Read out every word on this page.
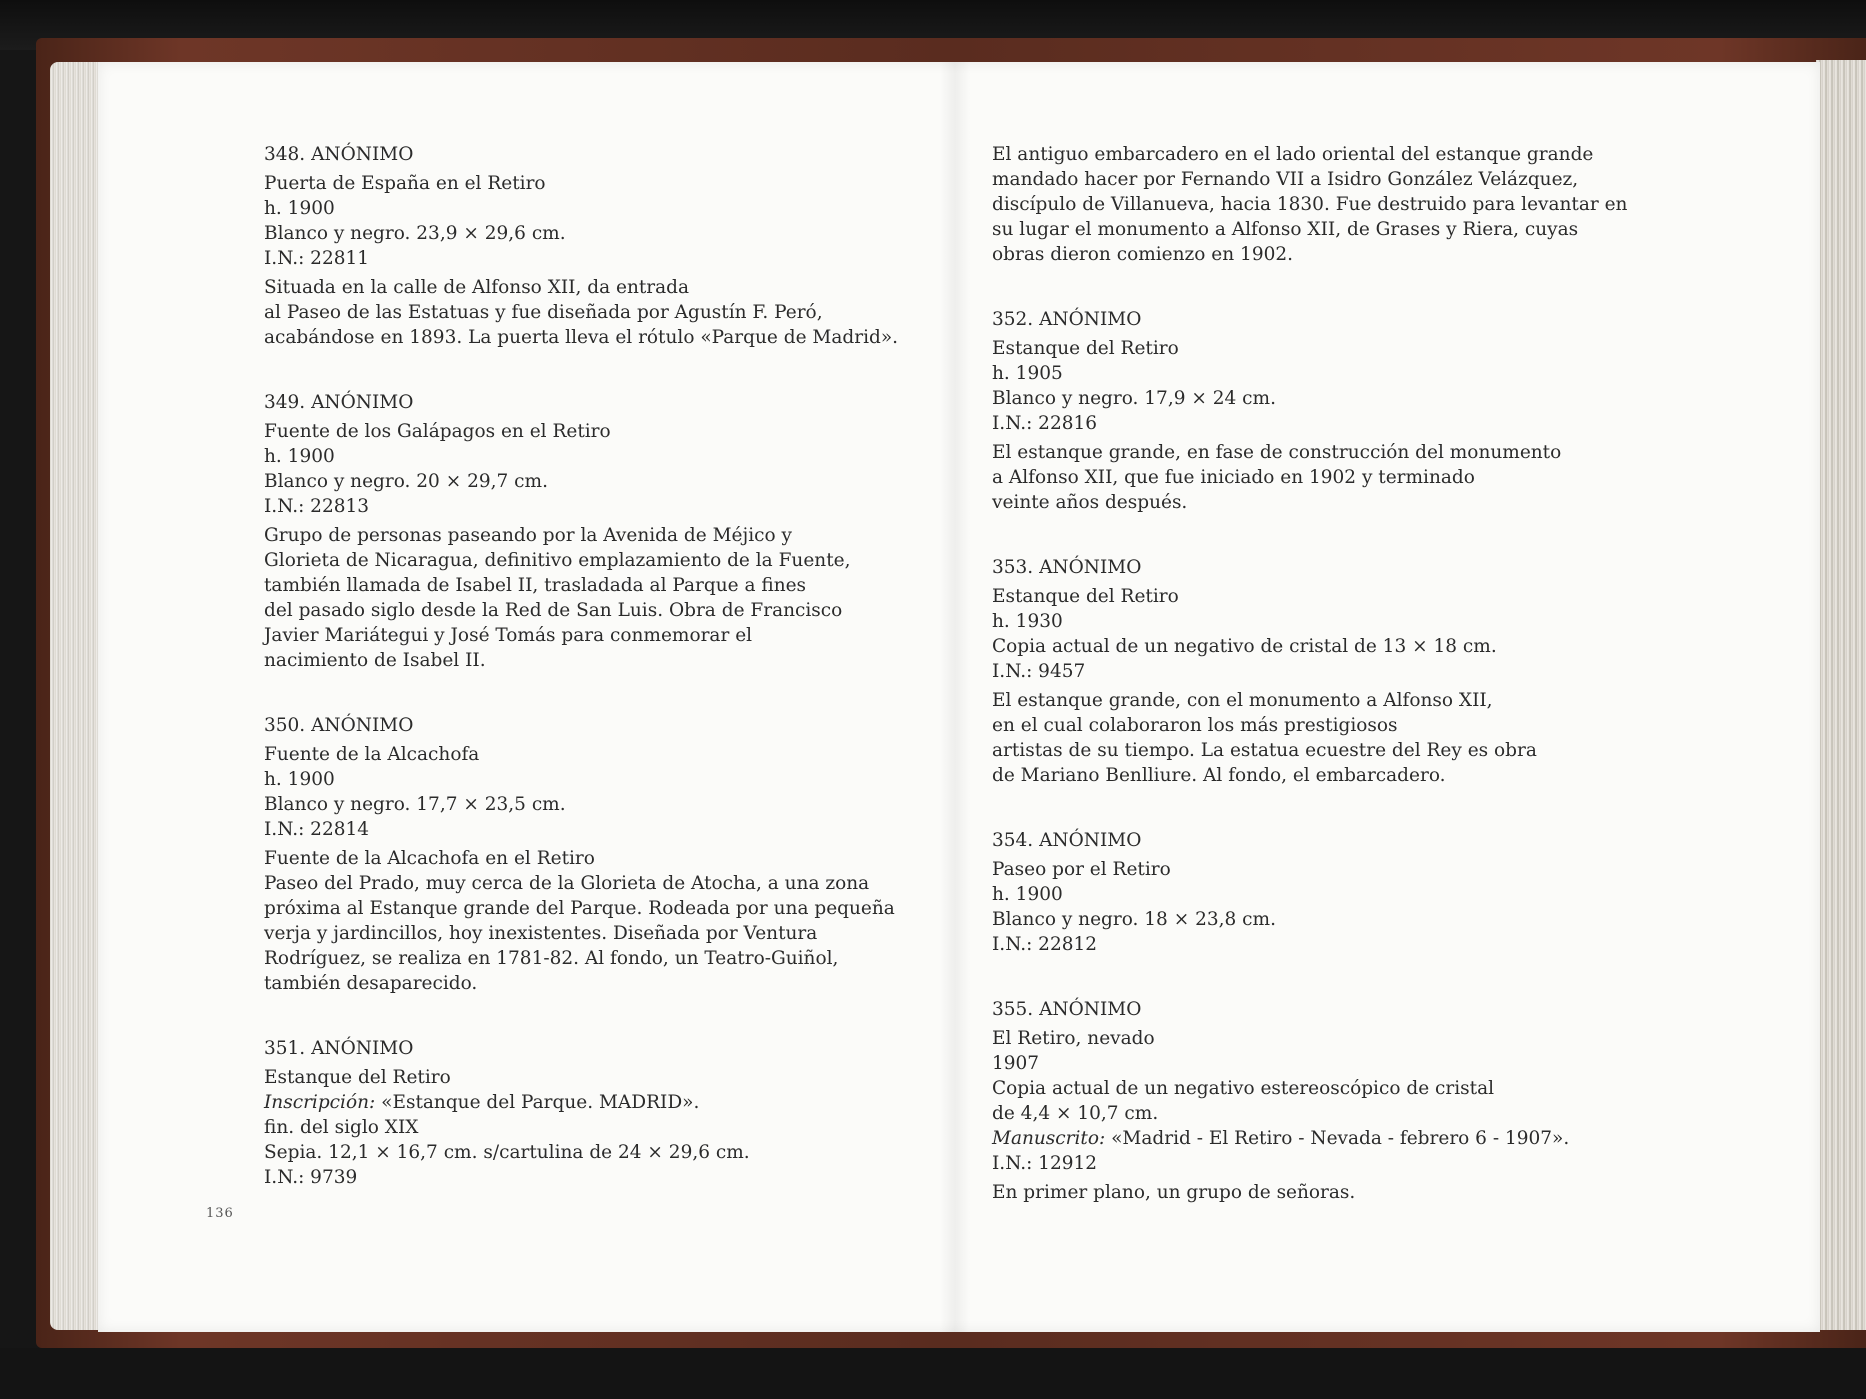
348. ANÓNIMO
Puerta de España en el Retiro
h. 1900
Blanco y negro. 23,9 × 29,6 cm.
I.N.: 22811
Situada en la calle de Alfonso XII, da entrada
al Paseo de las Estatuas y fue diseñada por Agustín F. Peró,
acabándose en 1893. La puerta lleva el rótulo «Parque de Madrid».
349. ANÓNIMO
Fuente de los Galápagos en el Retiro
h. 1900
Blanco y negro. 20 × 29,7 cm.
I.N.: 22813
Grupo de personas paseando por la Avenida de Méjico y
Glorieta de Nicaragua, definitivo emplazamiento de la Fuente,
también llamada de Isabel II, trasladada al Parque a fines
del pasado siglo desde la Red de San Luis. Obra de Francisco
Javier Mariátegui y José Tomás para conmemorar el
nacimiento de Isabel II.
350. ANÓNIMO
Fuente de la Alcachofa
h. 1900
Blanco y negro. 17,7 × 23,5 cm.
I.N.: 22814
Fuente de la Alcachofa en el Retiro
Paseo del Prado, muy cerca de la Glorieta de Atocha, a una zona
próxima al Estanque grande del Parque. Rodeada por una pequeña
verja y jardincillos, hoy inexistentes. Diseñada por Ventura
Rodríguez, se realiza en 1781-82. Al fondo, un Teatro-Guiñol,
también desaparecido.
351. ANÓNIMO
Estanque del Retiro
Inscripción: «Estanque del Parque. MADRID».
fin. del siglo XIX
Sepia. 12,1 × 16,7 cm. s/cartulina de 24 × 29,6 cm.
I.N.: 9739
136
El antiguo embarcadero en el lado oriental del estanque grande
mandado hacer por Fernando VII a Isidro González Velázquez,
discípulo de Villanueva, hacia 1830. Fue destruido para levantar en
su lugar el monumento a Alfonso XII, de Grases y Riera, cuyas
obras dieron comienzo en 1902.
352. ANÓNIMO
Estanque del Retiro
h. 1905
Blanco y negro. 17,9 × 24 cm.
I.N.: 22816
El estanque grande, en fase de construcción del monumento
a Alfonso XII, que fue iniciado en 1902 y terminado
veinte años después.
353. ANÓNIMO
Estanque del Retiro
h. 1930
Copia actual de un negativo de cristal de 13 × 18 cm.
I.N.: 9457
El estanque grande, con el monumento a Alfonso XII,
en el cual colaboraron los más prestigiosos
artistas de su tiempo. La estatua ecuestre del Rey es obra
de Mariano Benlliure. Al fondo, el embarcadero.
354. ANÓNIMO
Paseo por el Retiro
h. 1900
Blanco y negro. 18 × 23,8 cm.
I.N.: 22812
355. ANÓNIMO
El Retiro, nevado
1907
Copia actual de un negativo estereoscópico de cristal
de 4,4 × 10,7 cm.
Manuscrito: «Madrid - El Retiro - Nevada - febrero 6 - 1907».
I.N.: 12912
En primer plano, un grupo de señoras.
